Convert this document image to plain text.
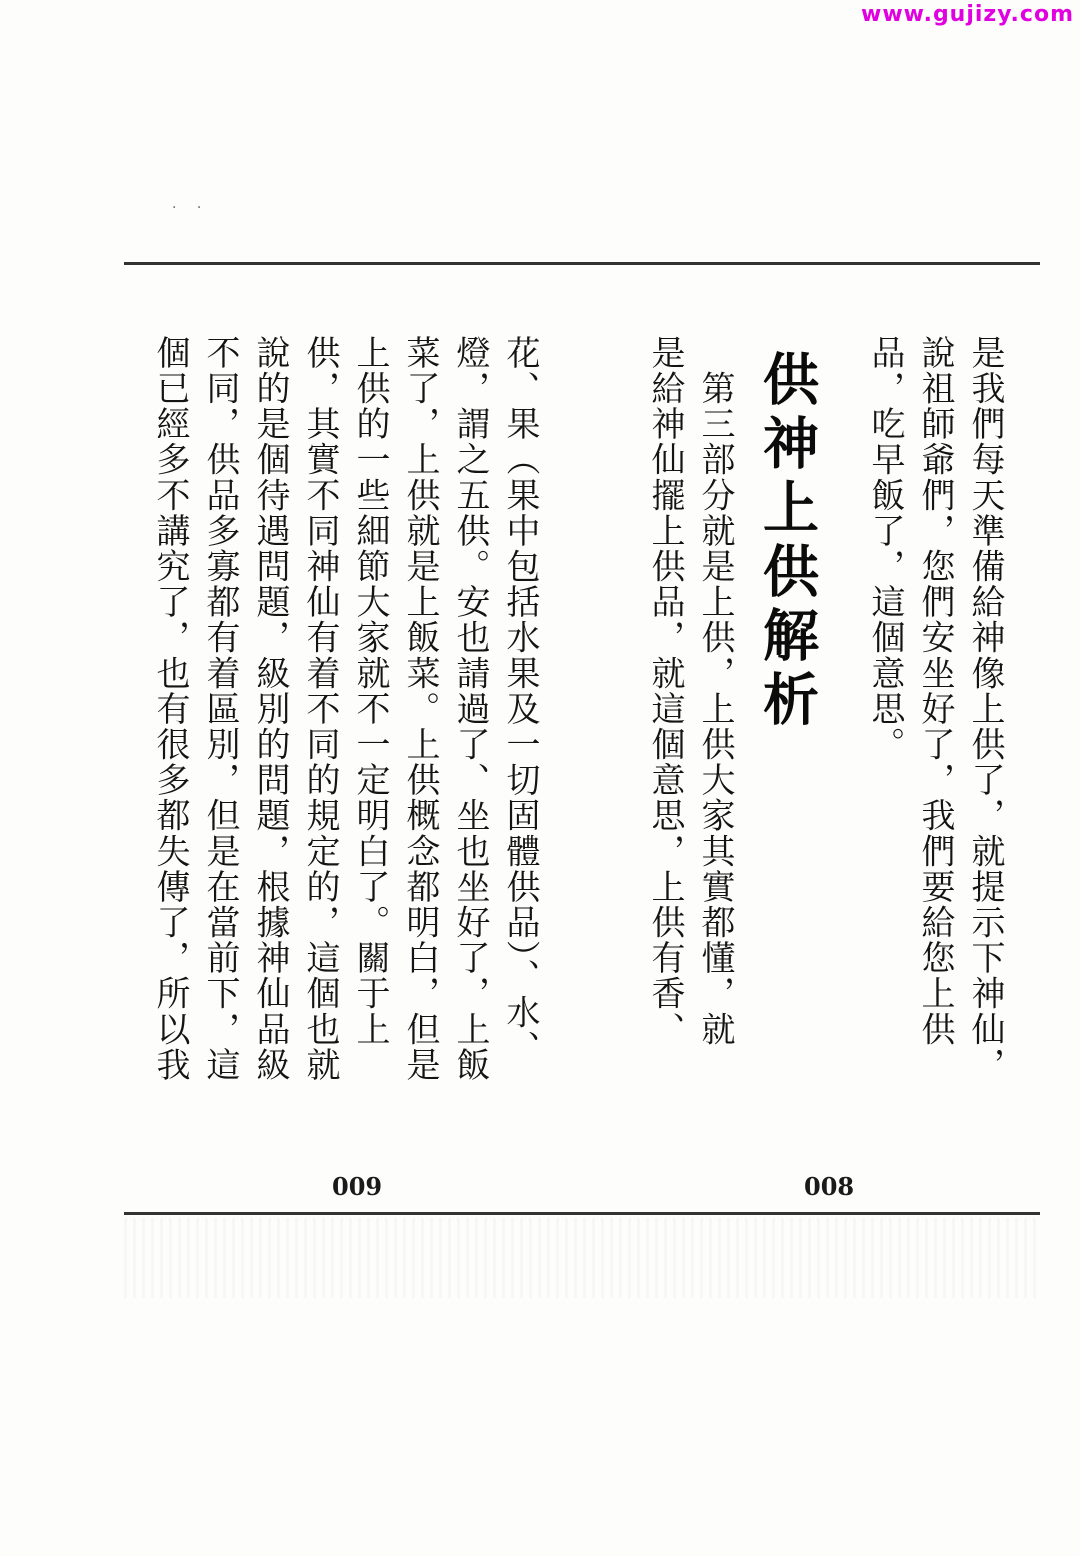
www.gujizy.com
· ·
是我們每天準備給神像上供了，就提示下神仙，
說祖師爺們，您們安坐好了，我們要給您上供
品，吃早飯了，這個意思。
供神上供解析
　第三部分就是上供，上供大家其實都懂，就
是給神仙擺上供品，就這個意思，上供有香、
008
花、果（果中包括水果及一切固體供品）、水、
燈，謂之五供。安也請過了、坐也坐好了，上飯
菜了，上供就是上飯菜。上供概念都明白，但是
上供的一些細節大家就不一定明白了。關于上
供，其實不同神仙有着不同的規定的，這個也就
說的是個待遇問題，級別的問題，根據神仙品級
不同，供品多寡都有着區別，但是在當前下，這
個已經多不講究了，也有很多都失傳了，所以我
009
